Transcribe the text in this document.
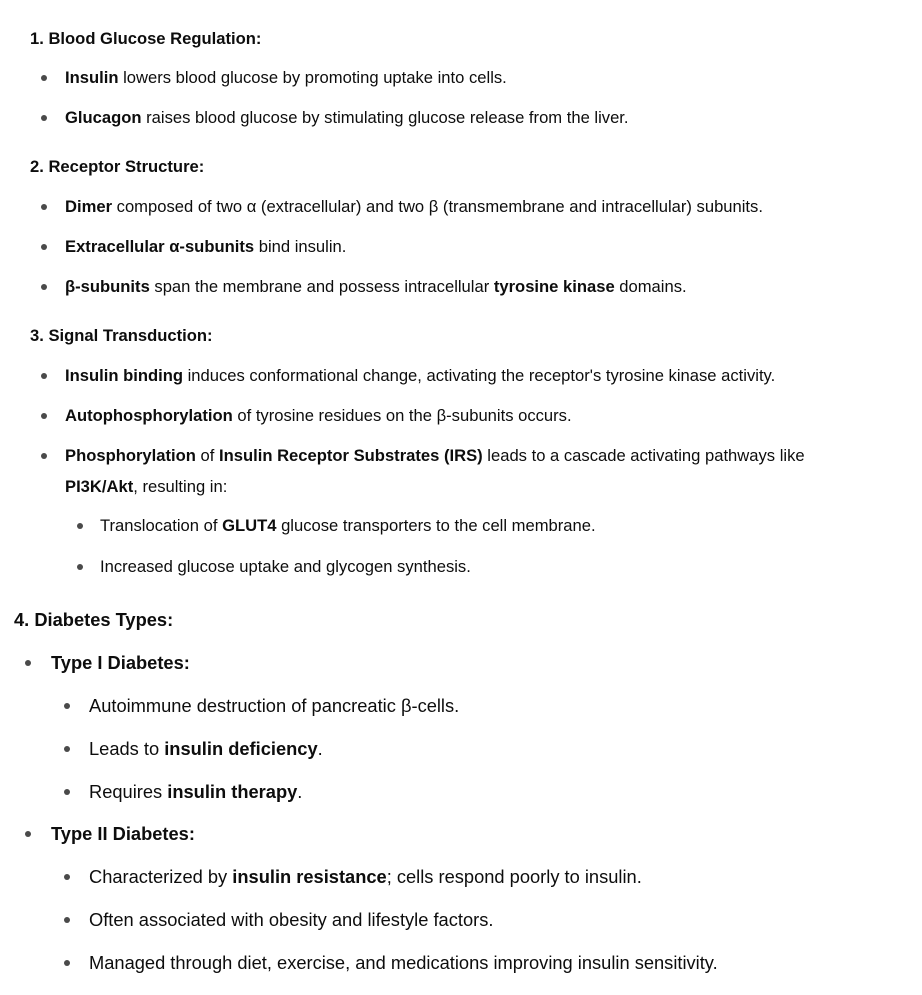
1. Blood Glucose Regulation:
Insulin lowers blood glucose by promoting uptake into cells.
Glucagon raises blood glucose by stimulating glucose release from the liver.
2. Receptor Structure:
Dimer composed of two α (extracellular) and two β (transmembrane and intracellular) subunits.
Extracellular α-subunits bind insulin.
β-subunits span the membrane and possess intracellular tyrosine kinase domains.
3. Signal Transduction:
Insulin binding induces conformational change, activating the receptor's tyrosine kinase activity.
Autophosphorylation of tyrosine residues on the β-subunits occurs.
Phosphorylation of Insulin Receptor Substrates (IRS) leads to a cascade activating pathways like
PI3K/Akt, resulting in:
Translocation of GLUT4 glucose transporters to the cell membrane.
Increased glucose uptake and glycogen synthesis.
4. Diabetes Types:
Type I Diabetes:
Autoimmune destruction of pancreatic β-cells.
Leads to insulin deficiency.
Requires insulin therapy.
Type II Diabetes:
Characterized by insulin resistance; cells respond poorly to insulin.
Often associated with obesity and lifestyle factors.
Managed through diet, exercise, and medications improving insulin sensitivity.
